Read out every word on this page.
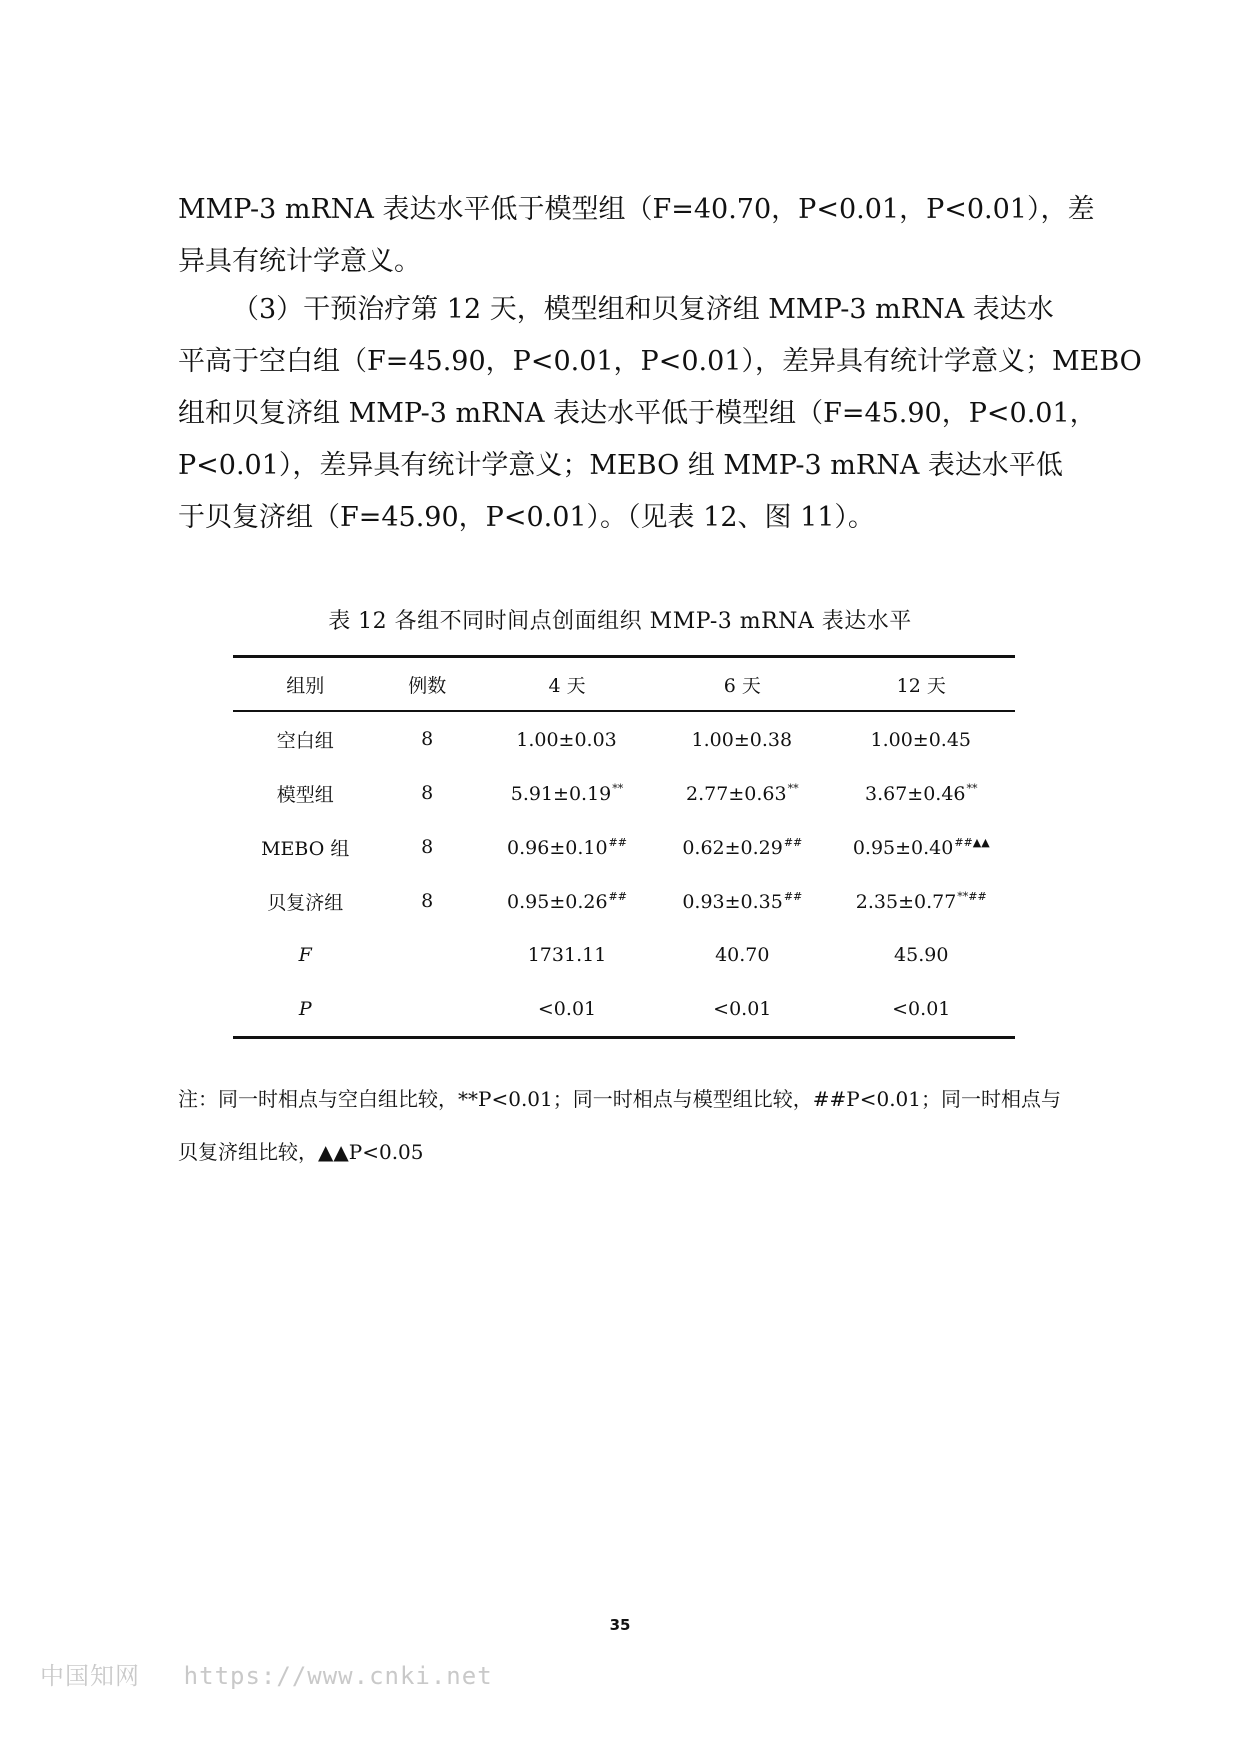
MMP-3 mRNA 表达水平低于模型组（F=40.70，P<0.01，P<0.01），差
异具有统计学意义。
（3）干预治疗第 12 天，模型组和贝复济组 MMP-3 mRNA 表达水
平高于空白组（F=45.90，P<0.01，P<0.01），差异具有统计学意义；MEBO
组和贝复济组 MMP-3 mRNA 表达水平低于模型组（F=45.90，P<0.01，
P<0.01），差异具有统计学意义；MEBO 组 MMP-3 mRNA 表达水平低
于贝复济组（F=45.90，P<0.01）。（见表 12、图 11）。
表 12 各组不同时间点创面组织 MMP-3 mRNA 表达水平
组别	例数	4 天	6 天	12 天
空白组	8	1.00±0.03	1.00±0.38	1.00±0.45
模型组	8	5.91±0.19**	2.77±0.63**	3.67±0.46**
MEBO 组	8	0.96±0.10##	0.62±0.29##	0.95±0.40##▲▲
贝复济组	8	0.95±0.26##	0.93±0.35##	2.35±0.77**##
F		1731.11	40.70	45.90
P		<0.01	<0.01	<0.01
注：同一时相点与空白组比较，**P<0.01；同一时相点与模型组比较，##P<0.01；同一时相点与
贝复济组比较，▲▲P<0.05
35
中国知网 https://www.cnki.net
